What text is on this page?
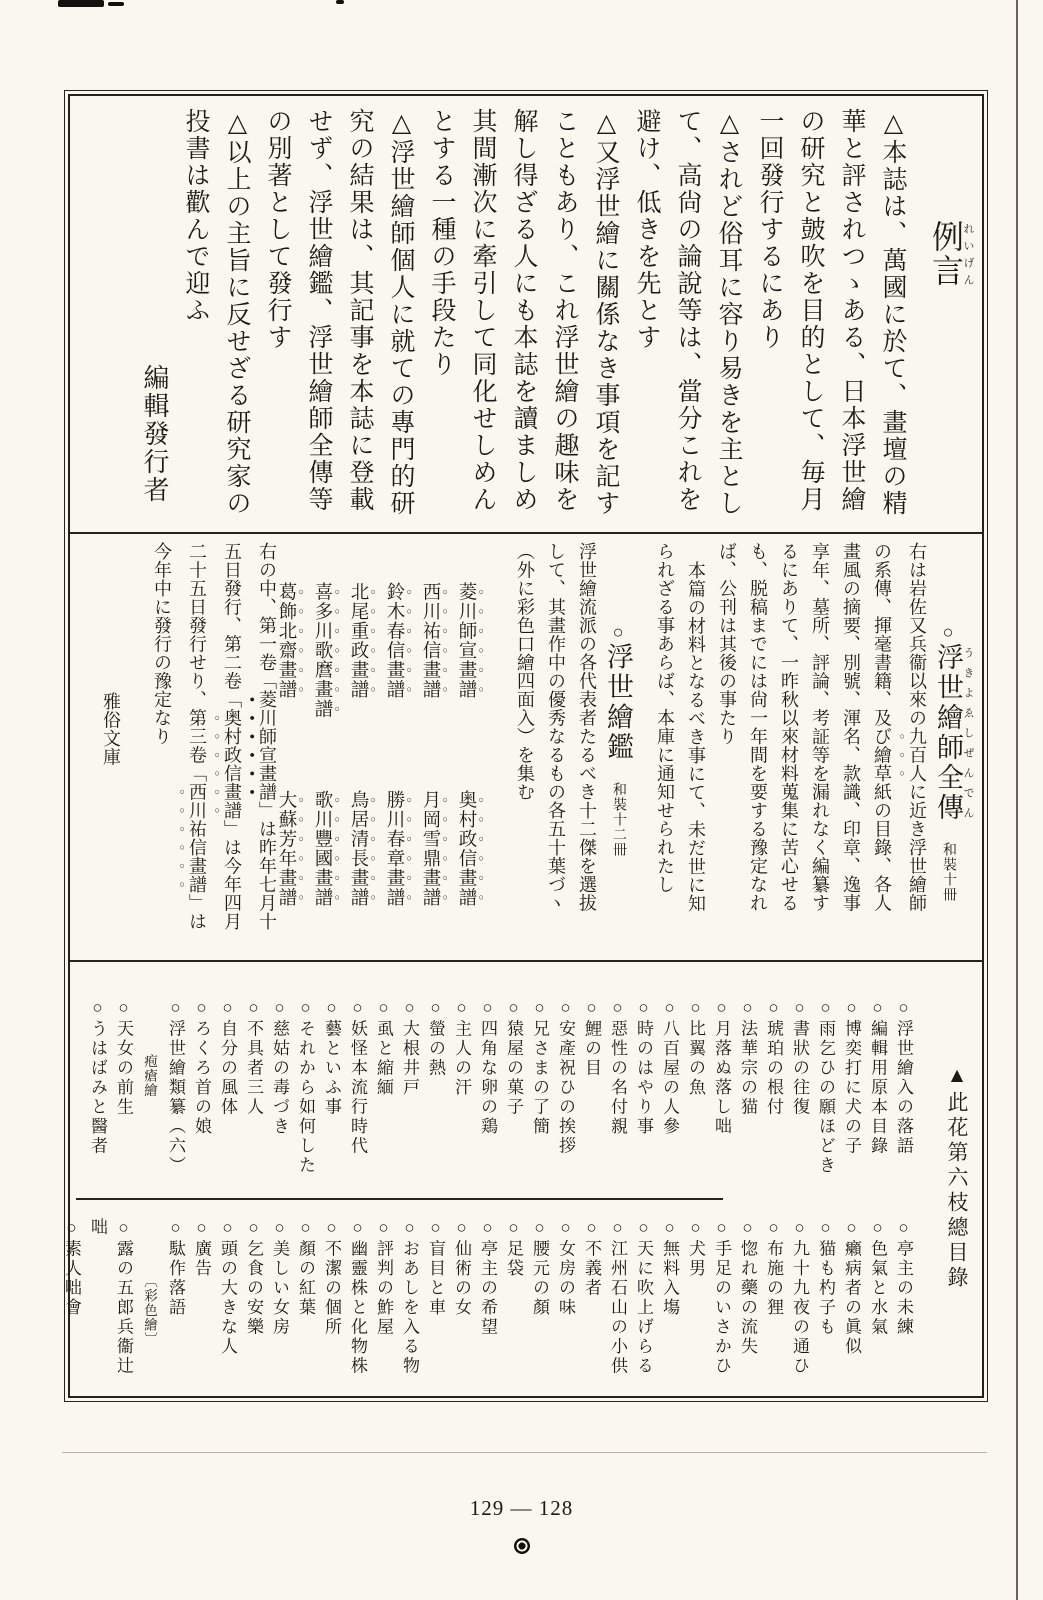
例言れいげん
△本誌は、萬國に於て、畫壇の精
華と評されつゝある、日本浮世繪
の研究と皷吹を目的として、毎月
一回發行するにあり
△されど俗耳に容り易きを主とし
て、高尙の論說等は、當分これを
避け、低きを先とす
△又浮世繪に關係なき事項を記す
こともあり、これ浮世繪の趣味を
解し得ざる人にも本誌を讀ましめ
其間漸次に牽引して同化せしめん
とする一種の手段たり
△浮世繪師個人に就ての專門的研
究の結果は、其記事を本誌に登載
せず、浮世繪鑑、浮世繪師全傳等
の別著として發行す
△以上の主旨に反せざる研究家の
投書は歡んで迎ふ
編輯發行者
○浮世繪師全傳 うきよゑしぜんでん 和裝十冊
右は岩佐又兵衞以來の九百人に近き浮世繪師
の系傳、揮毫書籍、及び繪草紙の目錄、各人
畫風の摘要、別號、渾名、款識、印章、逸事
享年、墓所、評論、考証等を漏れなく編纂す
るにありて、一昨秋以來材料蒐集に苦心せる
も、脱稿までには尙一年間を要する豫定なれ
ば、公刊は其後の事たり
本篇の材料となるべき事にて、未だ世に知
られざる事あらば、本庫に通知せられたし
○浮世繪鑑 和裝十二冊
浮世繪流派の各代表者たるべき十二傑を選拔
して、其畫作中の優秀なるもの各五十葉づヽ
（外に彩色口繪四面入）を集む
菱川師宣畫譜
西川祐信畫譜
鈴木春信畫譜
北尾重政畫譜
喜多川歌麿畫譜
葛飾北齋畫譜
奥村政信畫譜
月岡雪鼎畫譜
勝川春章畫譜
鳥居清長畫譜
歌川豐國畫譜
大蘇芳年畫譜
右の中、第一卷「菱川師宣畫譜」は昨年七月十
五日發行、第二卷「奥村政信畫譜」は今年四月
二十五日發行せり、第三卷「西川祐信畫譜」は
今年中に發行の豫定なり
雅俗文庫
▲此花第六枝總目錄
○浮世繪入の落語
○編輯用原本目錄
○博奕打に犬の子
○雨乞ひの願ほどき
○書狀の往復
○琥珀の根付
○法華宗の猫
○月落ぬ落し咄
○比翼の魚
○八百屋の人參
○時のはやり事
○惡性の名付親
○鯉の目
○安產祝ひの挨拶
○兄さまの了簡
○猿屋の菓子
○四角な卵の鶏
○主人の汗
○螢の熱
○大根井戸
○虱と縮緬
○妖怪本流行時代
○藝といふ事
○それから如何した
○慈姑の毒づき
○不具者三人
○自分の風体
○ろくろ首の娘
○浮世繪類纂（六）
疱瘡繪
○天女の前生
○うはばみと醫者
○亭主の未練
○色氣と水氣
○癩病者の眞似
○猫も杓子も
○九十九夜の通ひ
○布施の狸
○惚れ藥の流失
○手足のいさかひ
○犬男
○無料入塲
○天に吹上げらる
○江州石山の小供
○不義者
○女房の味
○腰元の顏
○足袋
○亭主の希望
○仙術の女
○盲目と車
○おあしを入る物
○評判の鮓屋
○幽靈株と化物株
○不潔の個所
○顏の紅葉
○美しい女房
○乞食の安樂
○頭の大きな人
○廣告
○駄作落語
〔彩色繪〕
○露の五郎兵衞辻咄
○素人咄會
129 — 128
